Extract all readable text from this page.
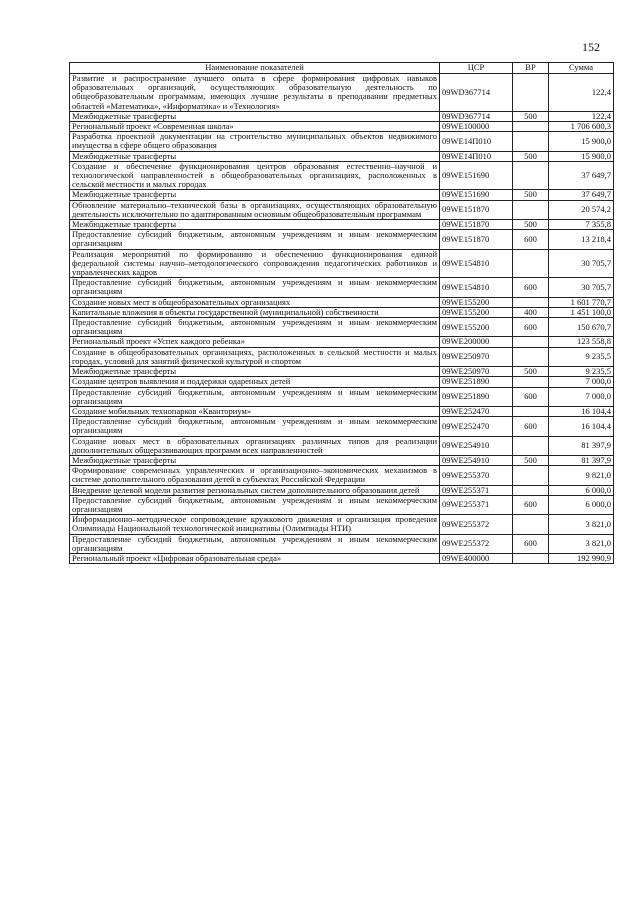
152
Наименование показателей	ЦСР	ВР	Сумма
Развитие и распространение лучшего опыта в сфере формирования цифровых навыков образовательных организаций, осуществляющих образовательную деятельность по общеобразовательным программам, имеющих лучшие результаты в преподавании предметных областей «Математика», «Информатика» и «Технология»	09WD367714		122,4
Межбюджетные трансферты	09WD367714	500	122,4
Региональный проект «Современная школа»	09WE100000		1 706 600,3
Разработка проектной документации на строительство муниципальных объектов недвижимого имущества в сфере общего образования	09WE14П010		15 900,0
Межбюджетные трансферты	09WE14П010	500	15 900,0
Создание и обеспечение функционирования центров образования естественно–научной и технологической направленностей в общеобразовательных организациях, расположенных в сельской местности и малых городах	09WE151690		37 649,7
Межбюджетные трансферты	09WE151690	500	37 649,7
Обновление материально–технической базы в организациях, осуществляющих образовательную деятельность исключительно по адаптированным основным общеобразовательным программам	09WE151870		20 574,2
Межбюджетные трансферты	09WE151870	500	7 355,8
Предоставление субсидий бюджетным, автономным учреждениям и иным некоммерческим организациям	09WE151870	600	13 218,4
Реализация мероприятий по формированию и обеспечению функционирования единой федеральной системы научно–методологического сопровождения педагогических работников и управленческих кадров	09WE154810		30 705,7
Предоставление субсидий бюджетным, автономным учреждениям и иным некоммерческим организациям	09WE154810	600	30 705,7
Создание новых мест в общеобразовательных организациях	09WE155200		1 601 770,7
Капитальные вложения в объекты государственной (муниципальной) собственности	09WE155200	400	1 451 100,0
Предоставление субсидий бюджетным, автономным учреждениям и иным некоммерческим организациям	09WE155200	600	150 670,7
Региональный проект «Успех каждого ребенка»	09WE200000		123 558,8
Создание в общеобразовательных организациях, расположенных в сельской местности и малых городах, условий для занятий физической культурой и спортом	09WE250970		9 235,5
Межбюджетные трансферты	09WE250970	500	9 235,5
Создание центров выявления и поддержки одаренных детей	09WE251890		7 000,0
Предоставление субсидий бюджетным, автономным учреждениям и иным некоммерческим организациям	09WE251890	600	7 000,0
Создание мобильных технопарков «Кванториум»	09WE252470		16 104,4
Предоставление субсидий бюджетным, автономным учреждениям и иным некоммерческим организациям	09WE252470	600	16 104,4
Создание новых мест в образовательных организациях различных типов для реализации дополнительных общеразвивающих программ всех направленностей	09WE254910		81 397,9
Межбюджетные трансферты	09WE254910	500	81 397,9
Формирование современных управленческих и организационно–экономических механизмов в системе дополнительного образования детей в субъектах Российской Федерации	09WE255370		9 821,0
Внедрение целевой модели развития региональных систем дополнительного образования детей	09WE255371		6 000,0
Предоставление субсидий бюджетным, автономным учреждениям и иным некоммерческим организациям	09WE255371	600	6 000,0
Информационно–методическое сопровождение кружкового движения и организация проведения Олимпиады Национальной технологической инициативы (Олимпиады НТИ)	09WE255372		3 821,0
Предоставление субсидий бюджетным, автономным учреждениям и иным некоммерческим организациям	09WE255372	600	3 821,0
Региональный проект «Цифровая образовательная среда»	09WE400000		192 990,9
